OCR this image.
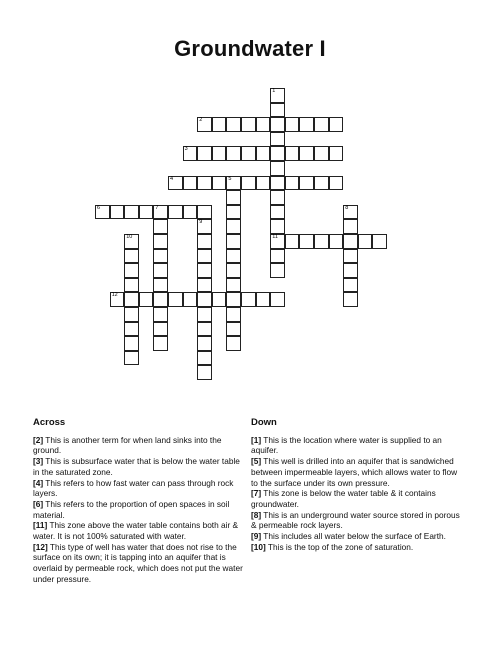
Groundwater I
1
11
2
3
4	5
6	7	8
9
10
12
Across

[2] This is another term for when land sinks into the ground.

[3] This is subsurface water that is below the water table in the saturated zone.

[4] This refers to how fast water can pass through rock layers.

[6] This refers to the proportion of open spaces in soil material.

[11] This zone above the water table contains both air & water. It is not 100% saturated with water.

[12] This type of well has water that does not rise to the surface on its own; it is tapping into an aquifer that is overlaid by permeable rock, which does not put the water under pressure.

Down

[1] This is the location where water is supplied to an aquifer.

[5] This well is drilled into an aquifer that is sandwiched between impermeable layers, which allows water to flow to the surface under its own pressure.

[7] This zone is below the water table & it contains groundwater.

[8] This is an underground water source stored in porous & permeable rock layers.

[9] This includes all water below the surface of Earth.

[10] This is the top of the zone of saturation.
